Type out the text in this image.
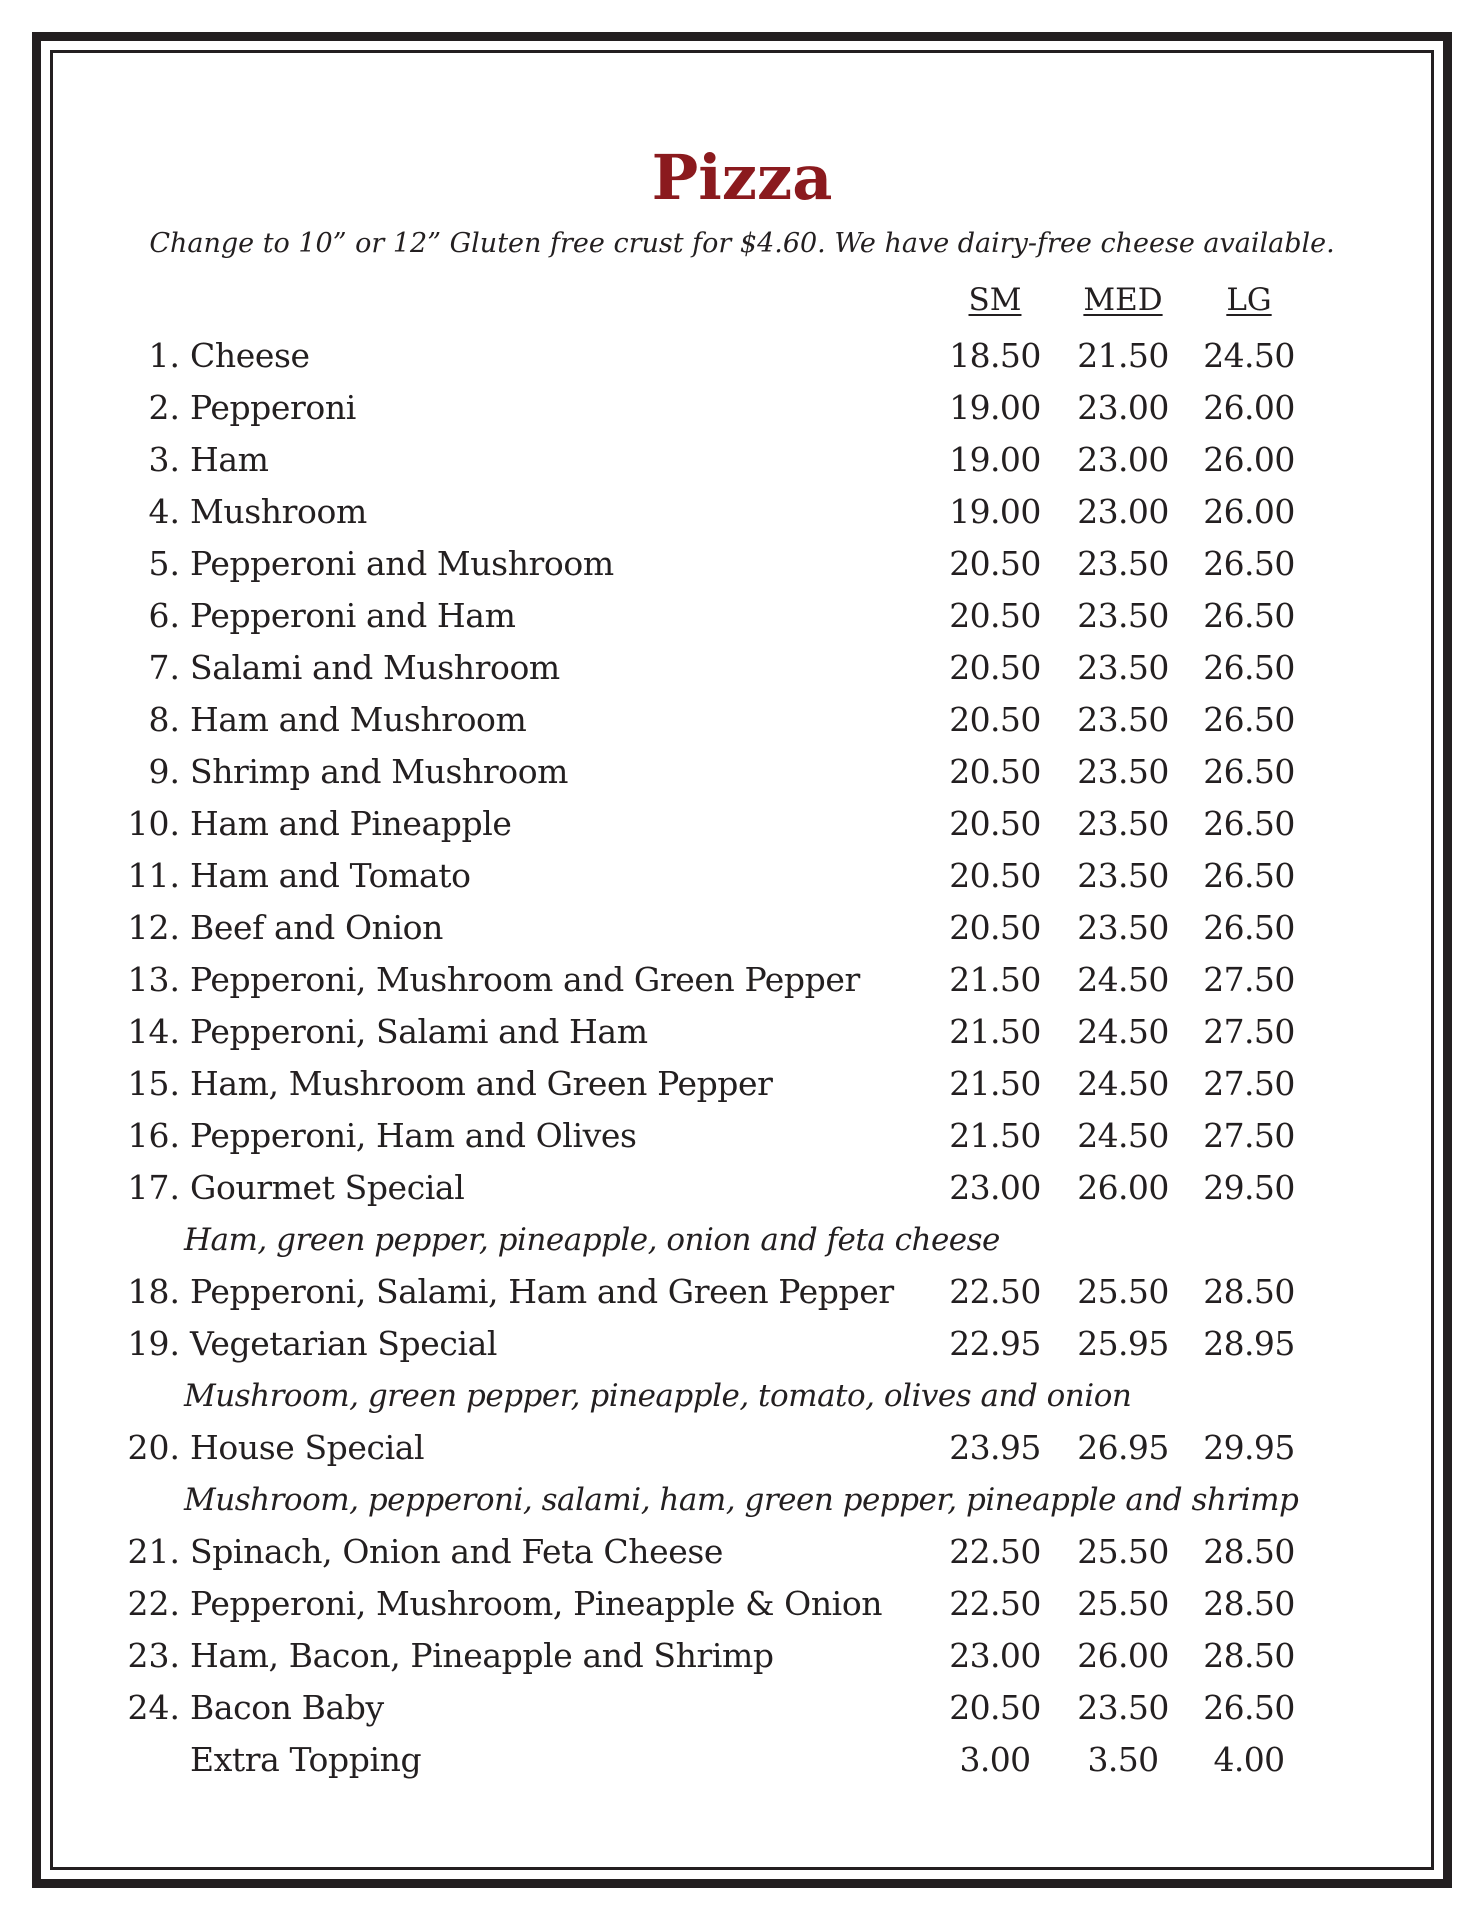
Pizza
Change to 10” or 12” Gluten free crust for $4.60. We have dairy-free cheese available.
SM	MED	LG
1. Cheese	18.50	21.50	24.50
2. Pepperoni	19.00	23.00	26.00
3. Ham	19.00	23.00	26.00
4. Mushroom	19.00	23.00	26.00
5. Pepperoni and Mushroom	20.50	23.50	26.50
6. Pepperoni and Ham	20.50	23.50	26.50
7. Salami and Mushroom	20.50	23.50	26.50
8. Ham and Mushroom	20.50	23.50	26.50
9. Shrimp and Mushroom	20.50	23.50	26.50
10. Ham and Pineapple	20.50	23.50	26.50
11. Ham and Tomato	20.50	23.50	26.50
12. Beef and Onion	20.50	23.50	26.50
13. Pepperoni, Mushroom and Green Pepper	21.50	24.50	27.50
14. Pepperoni, Salami and Ham	21.50	24.50	27.50
15. Ham, Mushroom and Green Pepper	21.50	24.50	27.50
16. Pepperoni, Ham and Olives	21.50	24.50	27.50
17. Gourmet Special	23.00	26.00	29.50
Ham, green pepper, pineapple, onion and feta cheese
18. Pepperoni, Salami, Ham and Green Pepper	22.50	25.50	28.50
19. Vegetarian Special	22.95	25.95	28.95
Mushroom, green pepper, pineapple, tomato, olives and onion
20. House Special	23.95	26.95	29.95
Mushroom, pepperoni, salami, ham, green pepper, pineapple and shrimp
21. Spinach, Onion and Feta Cheese	22.50	25.50	28.50
22. Pepperoni, Mushroom, Pineapple & Onion	22.50	25.50	28.50
23. Ham, Bacon, Pineapple and Shrimp	23.00	26.00	28.50
24. Bacon Baby	20.50	23.50	26.50
Extra Topping	3.00	3.50	4.00
